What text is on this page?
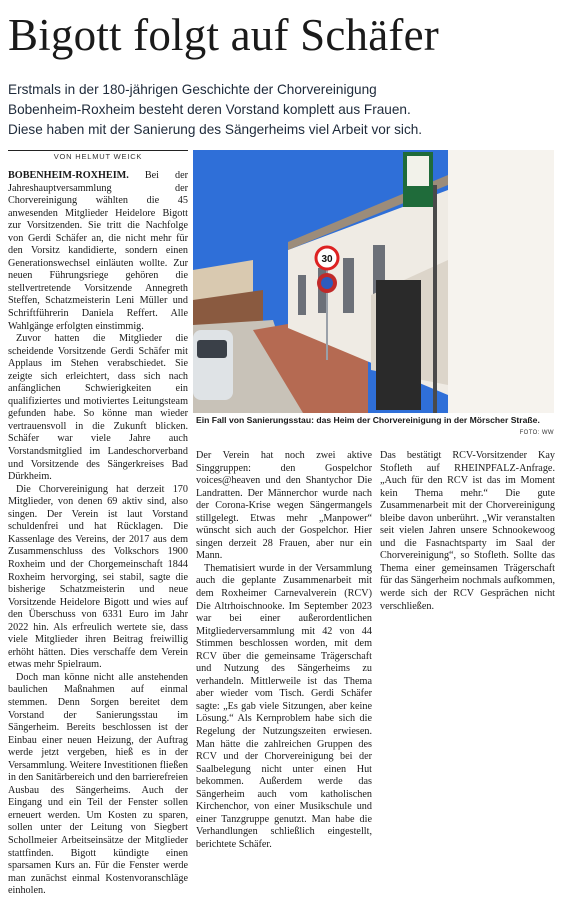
Bigott folgt auf Schäfer
Erstmals in der 180-jährigen Geschichte der Chorvereinigung
Bobenheim-Roxheim besteht deren Vorstand komplett aus Frauen.
Diese haben mit der Sanierung des Sängerheims viel Arbeit vor sich.
VON HELMUT WEICK

BOBENHEIM-ROXHEIM. Bei der Jahreshauptversammlung der Chorvereinigung wählten die 45 anwesenden Mitglieder Heidelore Bigott zur Vorsitzenden. Sie tritt die Nachfolge von Gerdi Schäfer an, die nicht mehr für den Vorsitz kandidierte, sondern einen Generationswechsel einläuten wollte. Zur neuen Führungsriege gehören die stellvertretende Vorsitzende Annegreth Steffen, Schatzmeisterin Leni Müller und Schriftführerin Daniela Reffert. Alle Wahlgänge erfolgten einstimmig.

Zuvor hatten die Mitglieder die scheidende Vorsitzende Gerdi Schäfer mit Applaus im Stehen verabschiedet. Sie zeigte sich erleichtert, dass sich nach anfänglichen Schwierigkeiten ein qualifiziertes und motiviertes Leitungsteam gefunden habe. So könne man wieder vertrauensvoll in die Zukunft blicken. Schäfer war viele Jahre auch Vorstandsmitglied im Landeschorverband und Vorsitzende des Sängerkreises Bad Dürkheim.

Die Chorvereinigung hat derzeit 170 Mitglieder, von denen 69 aktiv sind, also singen. Der Verein ist laut Vorstand schuldenfrei und hat Rücklagen. Die Kassenlage des Vereins, der 2017 aus dem Zusammenschluss des Volkschors 1900 Roxheim und der Chorgemeinschaft 1844 Roxheim hervorging, sei stabil, sagte die bisherige Schatzmeisterin und neue Vorsitzende Heidelore Bigott und wies auf den Überschuss von 6331 Euro im Jahr 2022 hin. Als erfreulich wertete sie, dass viele Mitglieder ihren Beitrag freiwillig erhöht hätten. Dies verschaffe dem Verein etwas mehr Spielraum.

Doch man könne nicht alle anstehenden baulichen Maßnahmen auf einmal stemmen. Denn Sorgen bereitet dem Vorstand der Sanierungsstau im Sängerheim. Bereits beschlossen ist der Einbau einer neuen Heizung, der Auftrag werde jetzt vergeben, hieß es in der Versammlung. Weitere Investitionen fließen in den Sanitärbereich und den barrierefreien Ausbau des Sängerheims. Auch der Eingang und ein Teil der Fenster sollen erneuert werden. Um Kosten zu sparen, sollen unter der Leitung von Siegbert Schollmeier Arbeitseinsätze der Mitglieder stattfinden. Bigott kündigte einen sparsamen Kurs an. Für die Fenster werde man zunächst einmal Kostenvoranschläge einholen.

Der Verein hat noch zwei aktive Singgruppen: den Gospelchor voices@heaven und den Shantychor Die Landratten. Der Männerchor wurde nach der Corona-Krise wegen Sängermangels stillgelegt. Etwas mehr „Manpower“ wünscht sich auch der Gospelchor. Hier singen derzeit 28 Frauen, aber nur ein Mann.

Thematisiert wurde in der Versammlung auch die geplante Zusammenarbeit mit dem Roxheimer Carnevalverein (RCV) Die Altrhoischnooke. Im September 2023 war bei einer außerordentlichen Mitgliederversammlung mit 42 von 44 Stimmen beschlossen worden, mit dem RCV über die gemeinsame Trägerschaft und Nutzung des Sängerheims zu verhandeln. Mittlerweile ist das Thema aber wieder vom Tisch. Gerdi Schäfer sagte: „Es gab viele Sitzungen, aber keine Lösung.“ Als Kernproblem habe sich die Regelung der Nutzungszeiten erwiesen. Man hätte die zahlreichen Gruppen des RCV und der Chorvereinigung bei der Saalbelegung nicht unter einen Hut bekommen. Außerdem werde das Sängerheim auch vom katholischen Kirchenchor, von einer Musikschule und einer Tanzgruppe genutzt. Man habe die Verhandlungen schließlich eingestellt, berichtete Schäfer.

Das bestätigt RCV-Vorsitzender Kay Stofleth auf RHEINPFALZ-Anfrage. „Auch für den RCV ist das im Moment kein Thema mehr.“ Die gute Zusammenarbeit mit der Chorvereinigung bleibe davon unberührt. „Wir veranstalten seit vielen Jahren unsere Schnookewoog und die Fasnachtsparty im Saal der Chorvereinigung“, so Stofleth. Sollte das Thema einer gemeinsamen Trägerschaft für das Sängerheim nochmals aufkommen, werde sich der RCV Gesprächen nicht verschließen.

30
Ein Fall von Sanierungsstau: das Heim der Chorvereinigung in der Mörscher Straße.
FOTO: WW
